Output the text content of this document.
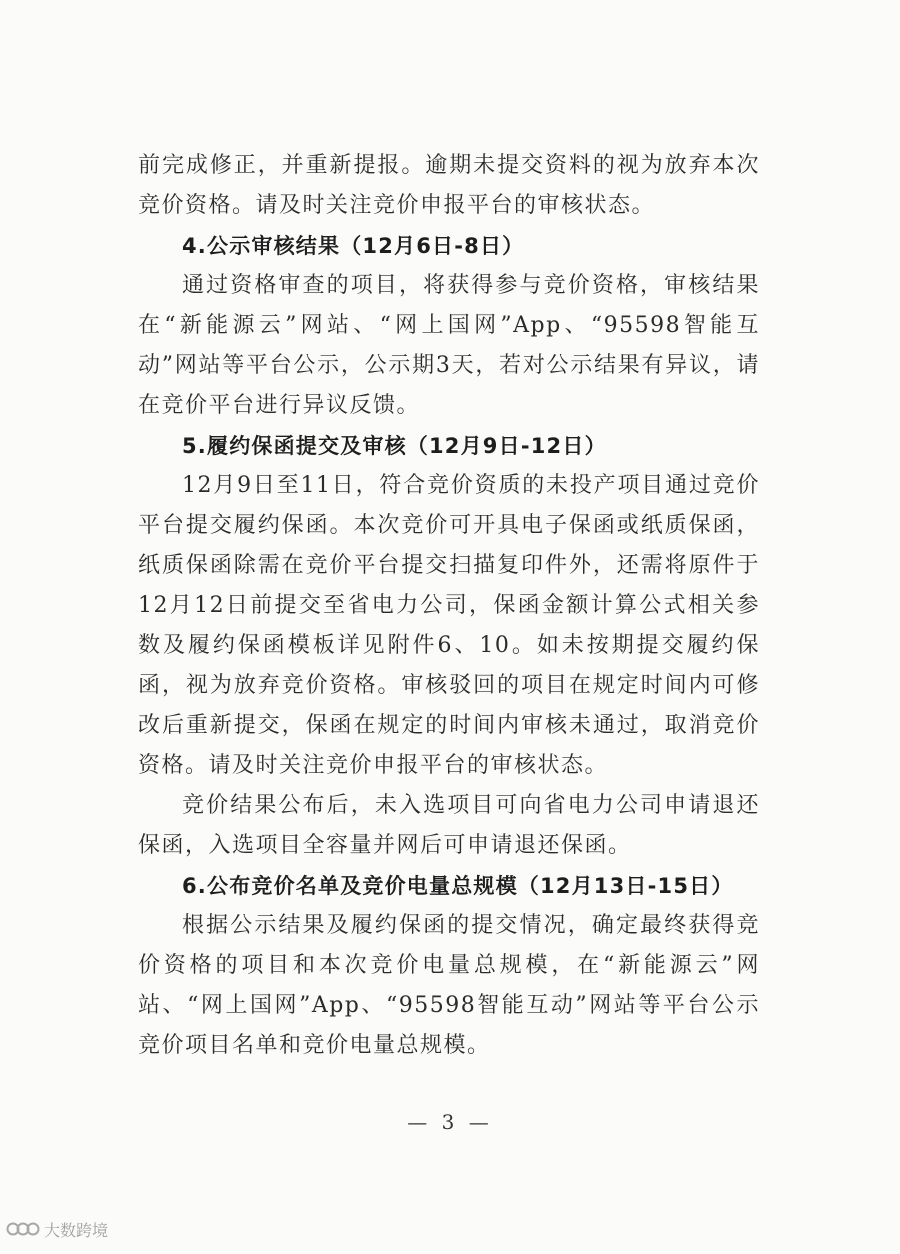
前完成修正，并重新提报。逾期未提交资料的视为放弃本次竞价资格。请及时关注竞价申报平台的审核状态。

4.公示审核结果（12月6日-8日）

通过资格审查的项目，将获得参与竞价资格，审核结果在“新能源云”网站、“网上国网”App、“95598智能互动”网站等平台公示，公示期3天，若对公示结果有异议，请在竞价平台进行异议反馈。

5.履约保函提交及审核（12月9日-12日）

12月9日至11日，符合竞价资质的未投产项目通过竞价平台提交履约保函。本次竞价可开具电子保函或纸质保函，纸质保函除需在竞价平台提交扫描复印件外，还需将原件于12月12日前提交至省电力公司，保函金额计算公式相关参数及履约保函模板详见附件6、10。如未按期提交履约保函，视为放弃竞价资格。审核驳回的项目在规定时间内可修改后重新提交，保函在规定的时间内审核未通过，取消竞价资格。请及时关注竞价申报平台的审核状态。

竞价结果公布后，未入选项目可向省电力公司申请退还保函，入选项目全容量并网后可申请退还保函。

6.公布竞价名单及竞价电量总规模（12月13日-15日）

根据公示结果及履约保函的提交情况，确定最终获得竞价资格的项目和本次竞价电量总规模，在“新能源云”网站、“网上国网”App、“95598智能互动”网站等平台公示竞价项目名单和竞价电量总规模。

— 3 —
大数跨境
